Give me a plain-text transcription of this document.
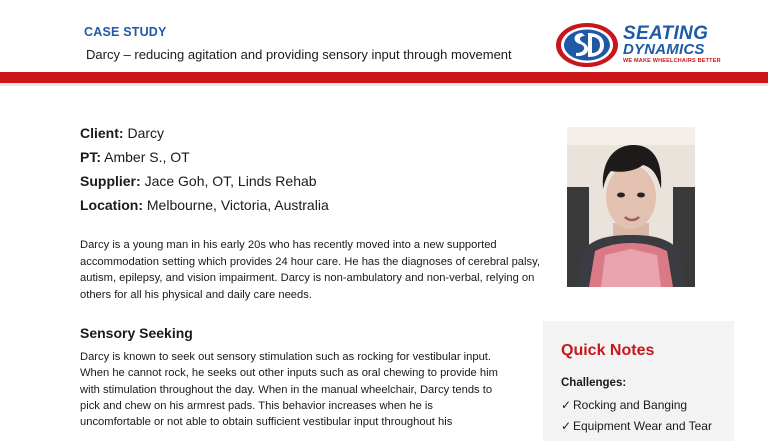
CASE STUDY
Darcy – reducing agitation and providing sensory input through movement
SEATING
DYNAMICS
WE MAKE WHEELCHAIRS BETTER
Client: Darcy
PT: Amber S., OT
Supplier: Jace Goh, OT, Linds Rehab
Location: Melbourne, Victoria, Australia
Darcy is a young man in his early 20s who has recently moved into a new supported accommodation setting which provides 24 hour care. He has the diagnoses of cerebral palsy, autism, epilepsy, and vision impairment. Darcy is non-ambulatory and non-verbal, relying on others for all his physical and daily care needs.
Sensory Seeking
Darcy is known to seek out sensory stimulation such as rocking for vestibular input. When he cannot rock, he seeks out other inputs such as oral chewing to provide him with stimulation throughout the day. When in the manual wheelchair, Darcy tends to pick and chew on his armrest pads. This behavior increases when he is uncomfortable or not able to obtain sufficient vestibular input throughout his
Quick Notes
Challenges:
✓ Rocking and Banging
✓ Equipment Wear and Tear
